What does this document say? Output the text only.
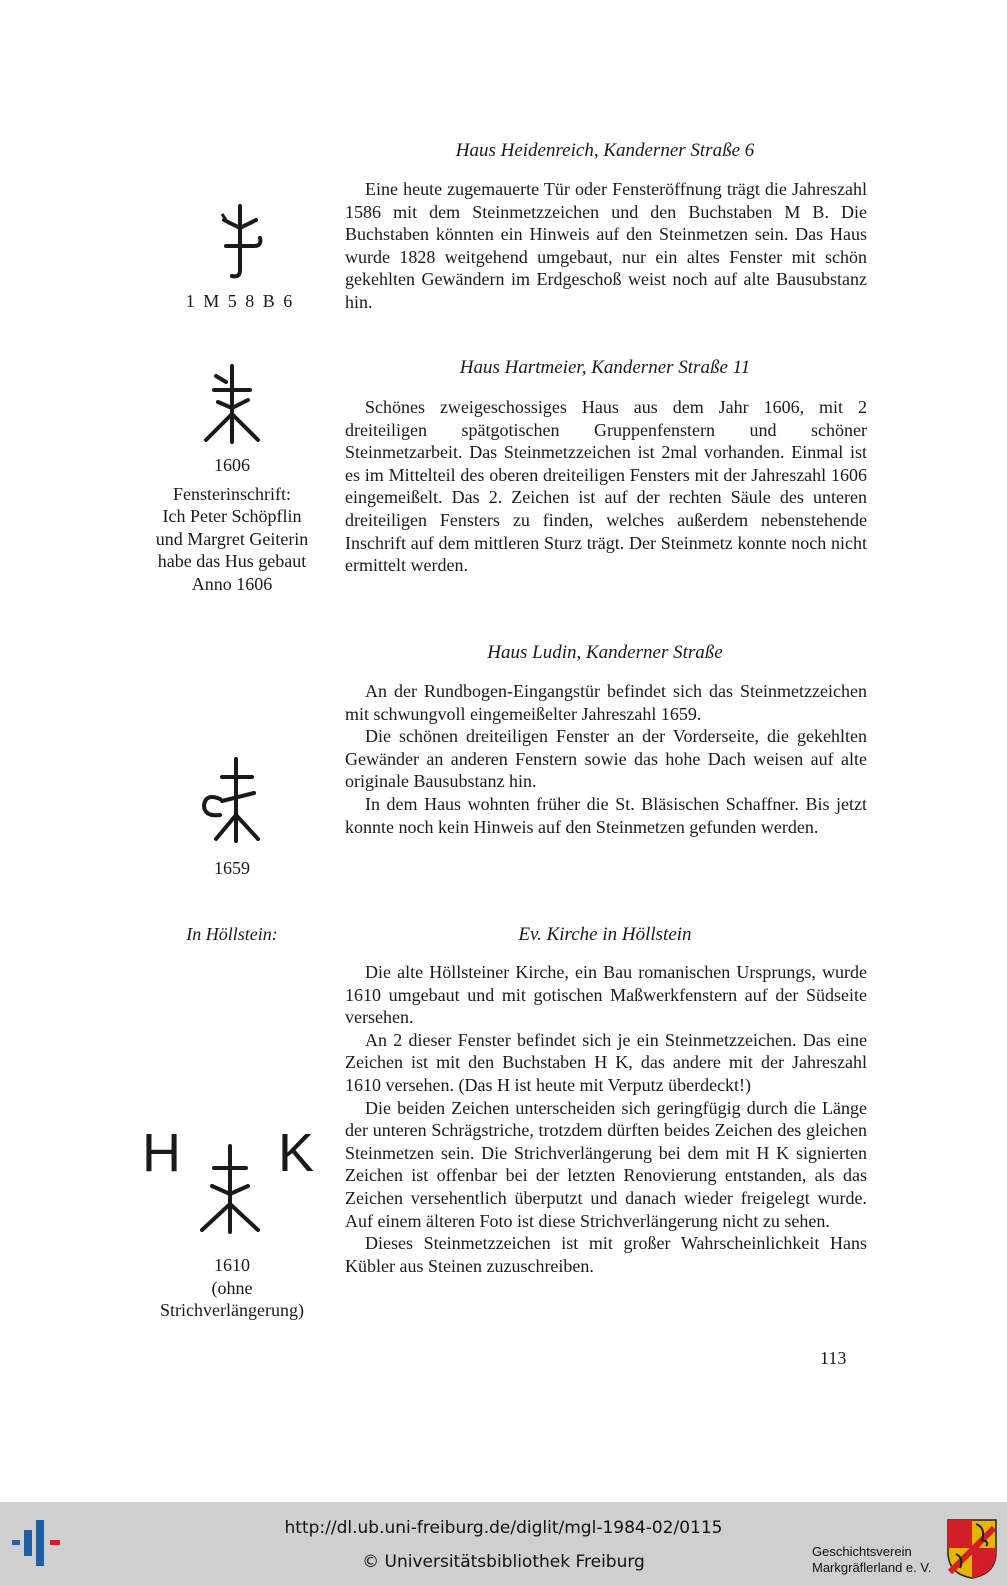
Haus Heidenreich, Kanderner Straße 6

Eine heute zugemauerte Tür oder Fensteröffnung trägt die Jahreszahl 1586 mit dem Steinmetzzeichen und den Buchstaben M B. Die Buchstaben könnten ein Hinweis auf den Steinmetzen sein. Das Haus wurde 1828 weitgehend umgebaut, nur ein altes Fenster mit schön gekehlten Gewändern im Erdgeschoß weist noch auf alte Bausubstanz hin.

1 M 5 8 B 6
Haus Hartmeier, Kanderner Straße 11

Schönes zweigeschossiges Haus aus dem Jahr 1606, mit 2 dreiteiligen spätgotischen Gruppenfenstern und schöner Steinmetzarbeit. Das Steinmetzzeichen ist 2mal vorhanden. Einmal ist es im Mittelteil des oberen dreiteiligen Fensters mit der Jahreszahl 1606 eingemeißelt. Das 2. Zeichen ist auf der rechten Säule des unteren dreiteiligen Fensters zu finden, welches außerdem nebenstehende Inschrift auf dem mittleren Sturz trägt. Der Steinmetz konnte noch nicht ermittelt werden.

1606
Fensterinschrift:
Ich Peter Schöpflin
und Margret Geiterin
habe das Hus gebaut
Anno 1606
Haus Ludin, Kanderner Straße

An der Rundbogen-Eingangstür befindet sich das Steinmetzzeichen mit schwungvoll eingemeißelter Jahreszahl 1659.

Die schönen dreiteiligen Fenster an der Vorderseite, die gekehlten Gewänder an anderen Fenstern sowie das hohe Dach weisen auf alte originale Bausubstanz hin.

In dem Haus wohnten früher die St. Bläsischen Schaffner. Bis jetzt konnte noch kein Hinweis auf den Steinmetzen gefunden werden.

1659
In Höllstein:	Ev. Kirche in Höllstein

Die alte Höllsteiner Kirche, ein Bau romanischen Ursprungs, wurde 1610 umgebaut und mit gotischen Maßwerkfenstern auf der Südseite versehen.

An 2 dieser Fenster befindet sich je ein Steinmetzzeichen. Das eine Zeichen ist mit den Buchstaben H K, das andere mit der Jahreszahl 1610 versehen. (Das H ist heute mit Verputz überdeckt!)

Die beiden Zeichen unterscheiden sich geringfügig durch die Länge der unteren Schrägstriche, trotzdem dürften beides Zeichen des gleichen Steinmetzen sein. Die Strichverlängerung bei dem mit H K signierten Zeichen ist offenbar bei der letzten Renovierung entstanden, als das Zeichen versehentlich überputzt und danach wieder freigelegt wurde. Auf einem älteren Foto ist diese Strichverlängerung nicht zu sehen.

Dieses Steinmetzzeichen ist mit großer Wahrscheinlichkeit Hans Kübler aus Steinen zuzuschreiben.

H K
1610
(ohne
Strichverlängerung)
113
http://dl.ub.uni-freiburg.de/diglit/mgl-1984-02/0115
© Universitätsbibliothek Freiburg
Geschichtsverein
Markgräflerland e. V.
